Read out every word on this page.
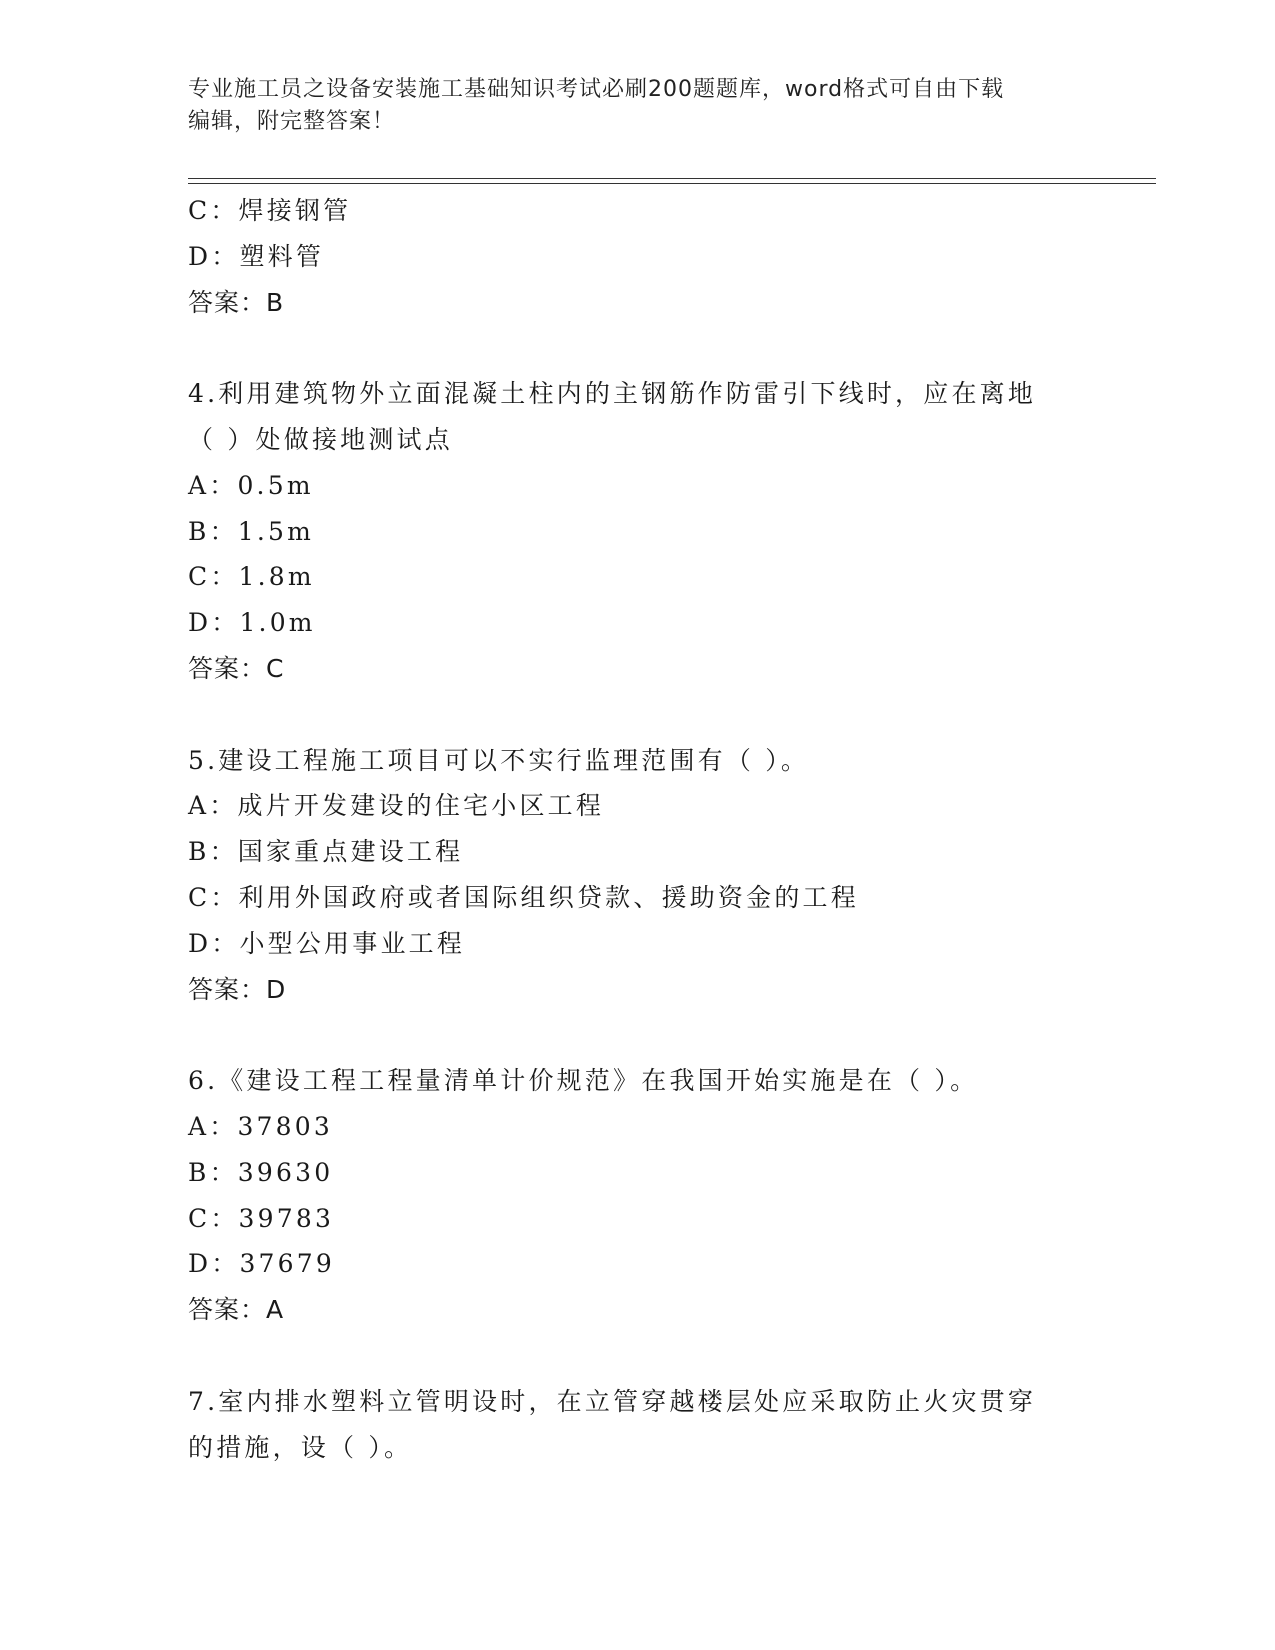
专业施工员之设备安装施工基础知识考试必刷200题题库，word格式可自由下载
编辑，附完整答案！
C：焊接钢管
D：塑料管
答案：B
4.利用建筑物外立面混凝土柱内的主钢筋作防雷引下线时，应在离地
（ ）处做接地测试点
A：0.5m
B：1.5m
C：1.8m
D：1.0m
答案：C
5.建设工程施工项目可以不实行监理范围有（ ）。
A：成片开发建设的住宅小区工程
B：国家重点建设工程
C：利用外国政府或者国际组织贷款、援助资金的工程
D：小型公用事业工程
答案：D
6.《建设工程工程量清单计价规范》在我国开始实施是在（ ）。
A：37803
B：39630
C：39783
D：37679
答案：A
7.室内排水塑料立管明设时，在立管穿越楼层处应采取防止火灾贯穿
的措施，设（ ）。
